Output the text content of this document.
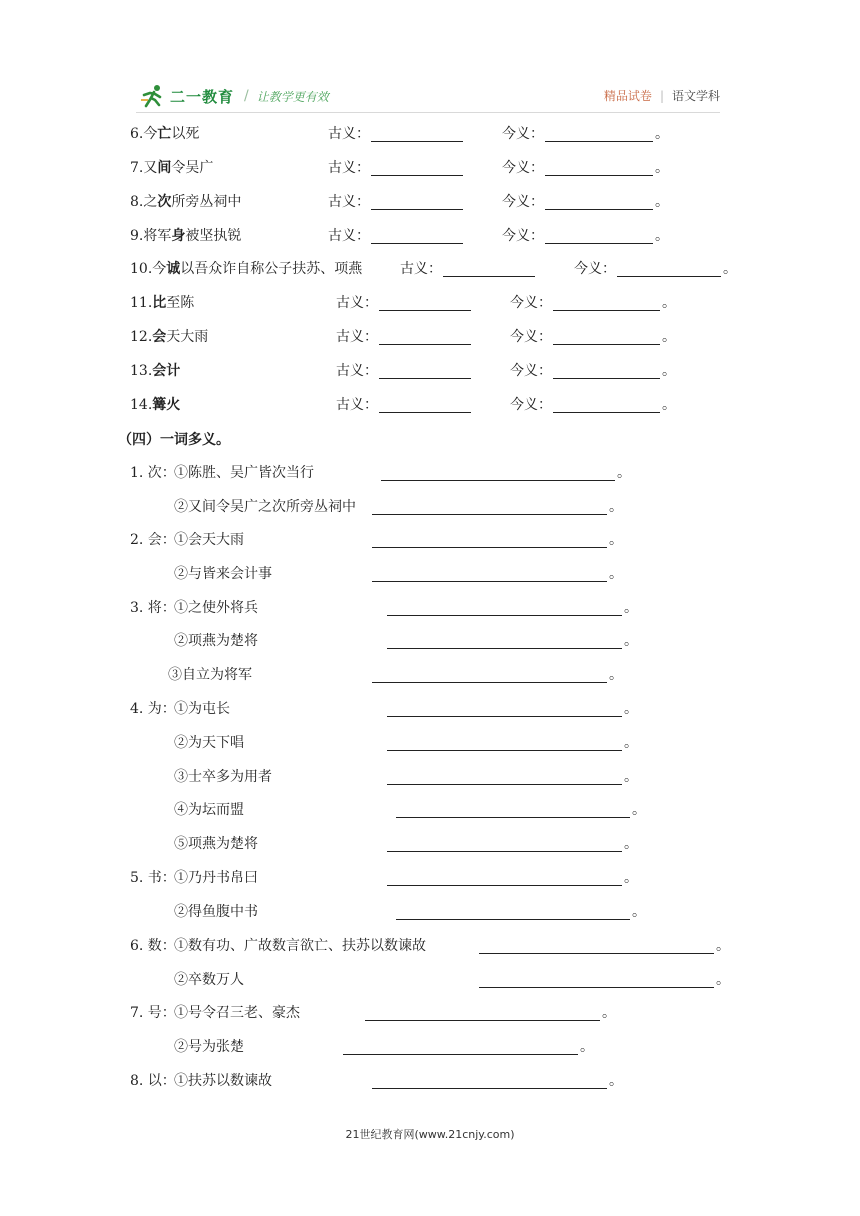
二一教育 / 让教学更有效	精品试卷 | 语文学科
6.今亡以死	古义：	今义：	。
7.又间令吴广	古义：	今义：	。
8.之次所旁丛祠中	古义：	今义：	。
9.将军身被坚执锐	古义：	今义：	。
10.今诚以吾众诈自称公子扶苏、项燕	古义：	今义：	。
11.比至陈	古义：	今义：	。
12.会天大雨	古义：	今义：	。
13.会计	古义：	今义：	。
14.篝火	古义：	今义：	。
（四）一词多义。
1. 次：
①陈胜、吴广皆次当行	。
②又间令吴广之次所旁丛祠中	。
2. 会：
①会天大雨	。
②与皆来会计事	。
3. 将：
①之使外将兵	。
②项燕为楚将	。
③自立为将军	。
4. 为：
①为屯长	。
②为天下唱	。
③士卒多为用者	。
④为坛而盟	。
⑤项燕为楚将	。
5. 书：
①乃丹书帛曰	。
②得鱼腹中书	。
6. 数：
①数有功、广故数言欲亡、扶苏以数谏故	。
②卒数万人	。
7. 号：
①号令召三老、豪杰	。
②号为张楚	。
8. 以：
①扶苏以数谏故	。
21世纪教育网(www.21cnjy.com)
